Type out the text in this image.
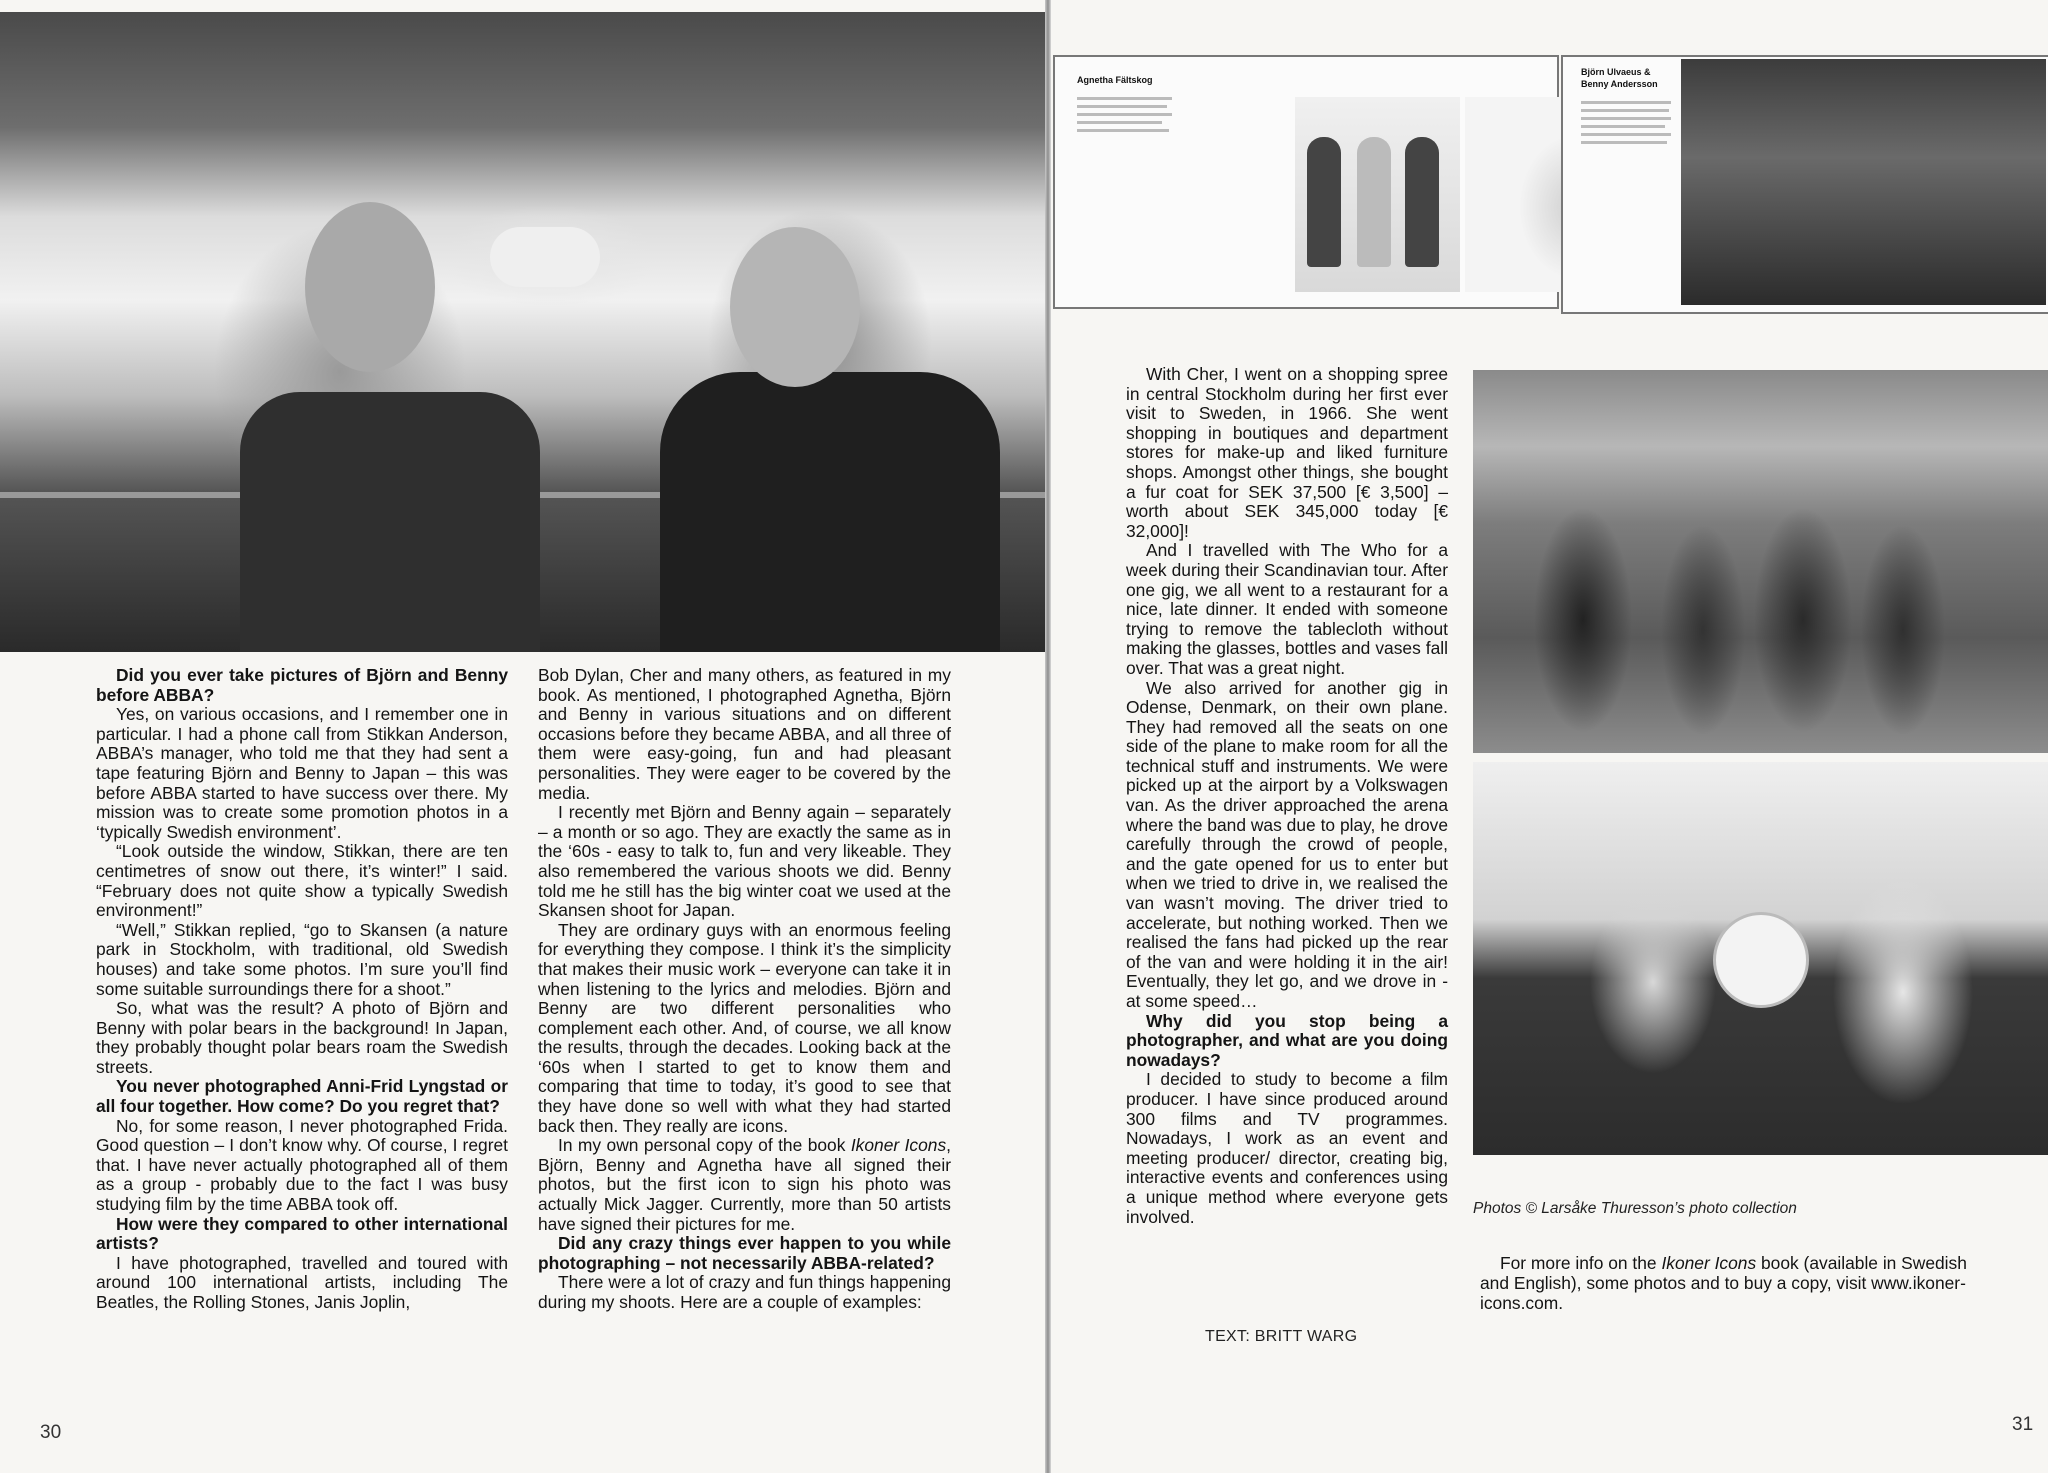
Did you ever take pictures of Björn and Benny before ABBA?

Yes, on various occasions, and I remember one in particular. I had a phone call from Stikkan Anderson, ABBA’s manager, who told me that they had sent a tape featuring Björn and Benny to Japan – this was before ABBA started to have success over there. My mission was to create some promotion photos in a ‘typically Swedish environment’.

“Look outside the window, Stikkan, there are ten centimetres of snow out there, it’s winter!” I said. “February does not quite show a typically Swedish environment!”

“Well,” Stikkan replied, “go to Skansen (a nature park in Stockholm, with traditional, old Swedish houses) and take some photos. I’m sure you’ll find some suitable surroundings there for a shoot.”

So, what was the result? A photo of Björn and Benny with polar bears in the background! In Japan, they probably thought polar bears roam the Swedish streets.

You never photographed Anni-Frid Lyngstad or all four together. How come? Do you regret that?

No, for some reason, I never photographed Frida. Good question – I don’t know why. Of course, I regret that. I have never actually photographed all of them as a group - probably due to the fact I was busy studying film by the time ABBA took off.

How were they compared to other international artists?

I have photographed, travelled and toured with around 100 international artists, including The Beatles, the Rolling Stones, Janis Joplin,

Bob Dylan, Cher and many others, as featured in my book. As mentioned, I photographed Agnetha, Björn and Benny in various situations and on different occasions before they became ABBA, and all three of them were easy-going, fun and had pleasant personalities. They were eager to be covered by the media.

I recently met Björn and Benny again – separately – a month or so ago. They are exactly the same as in the ‘60s - easy to talk to, fun and very likeable. They also remembered the various shoots we did. Benny told me he still has the big winter coat we used at the Skansen shoot for Japan.

They are ordinary guys with an enormous feeling for everything they compose. I think it’s the simplicity that makes their music work – everyone can take it in when listening to the lyrics and melodies. Björn and Benny are two different personalities who complement each other. And, of course, we all know the results, through the decades. Looking back at the ‘60s when I started to get to know them and comparing that time to today, it’s good to see that they have done so well with what they had started back then. They really are icons.

In my own personal copy of the book Ikoner Icons, Björn, Benny and Agnetha have all signed their photos, but the first icon to sign his photo was actually Mick Jagger. Currently, more than 50 artists have signed their pictures for me.

Did any crazy things ever happen to you while photographing – not necessarily ABBA-related?

There were a lot of crazy and fun things happening during my shoots. Here are a couple of examples:

30
Agnetha Fältskog
Björn Ulvaeus &
Benny Andersson

With Cher, I went on a shopping spree in central Stockholm during her first ever visit to Sweden, in 1966. She went shopping in boutiques and department stores for make-up and liked furniture shops. Amongst other things, she bought a fur coat for SEK 37,500 [€ 3,500] – worth about SEK 345,000 today [€ 32,000]!

And I travelled with The Who for a week during their Scandinavian tour. After one gig, we all went to a restaurant for a nice, late dinner. It ended with someone trying to remove the tablecloth without making the glasses, bottles and vases fall over. That was a great night.

We also arrived for another gig in Odense, Denmark, on their own plane. They had removed all the seats on one side of the plane to make room for all the technical stuff and instruments. We were picked up at the airport by a Volkswagen van. As the driver approached the arena where the band was due to play, he drove carefully through the crowd of people, and the gate opened for us to enter but when we tried to drive in, we realised the van wasn’t moving. The driver tried to accelerate, but nothing worked. Then we realised the fans had picked up the rear of the van and were holding it in the air! Eventually, they let go, and we drove in - at some speed…

Why did you stop being a photographer, and what are you doing nowadays?

I decided to study to become a film producer. I have since produced around 300 films and TV programmes. Nowadays, I work as an event and meeting producer/ director, creating big, interactive events and conferences using a unique method where everyone gets involved.

TEXT: BRITT WARG
Photos © Larsåke Thuresson’s photo collection
For more info on the Ikoner Icons book (available in Swedish and English), some photos and to buy a copy, visit www.ikoner-icons.com.
31
